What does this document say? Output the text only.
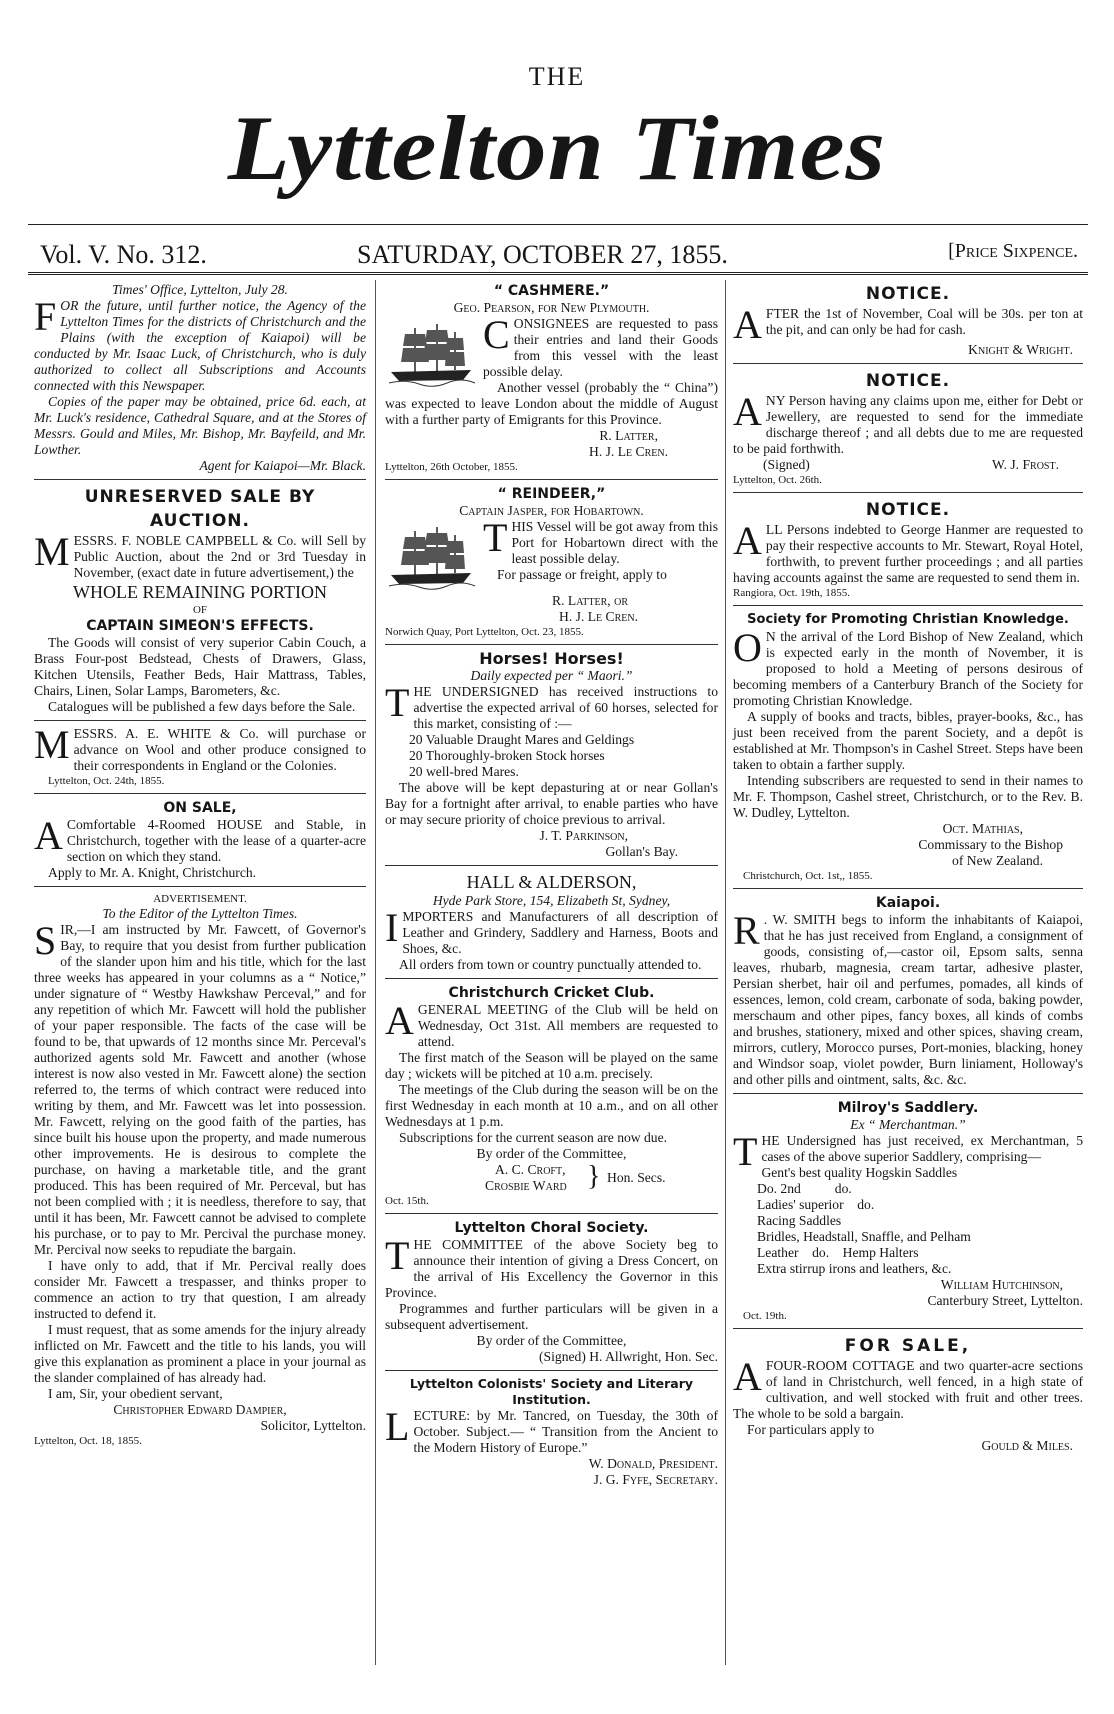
THE
Lyttelton Times
Vol. V. No. 312.	SATURDAY, OCTOBER 27, 1855.	[Price Sixpence.
Times' Office, Lyttelton, July 28.
F OR the future, until further notice, the Agency of the Lyttelton Times for the districts of Christchurch and the Plains (with the exception of Kaiapoi) will be conducted by Mr. Isaac Luck, of Christchurch, who is duly authorized to collect all Subscriptions and Accounts connected with this Newspaper.

Copies of the paper may be obtained, price 6d. each, at Mr. Luck's residence, Cathedral Square, and at the Stores of Messrs. Gould and Miles, Mr. Bishop, Mr. Bayfeild, and Mr. Lowther.

Agent for Kaiapoi—Mr. Black.

UNRESERVED SALE BY AUCTION.
M ESSRS. F. NOBLE CAMPBELL & Co. will Sell by Public Auction, about the 2nd or 3rd Tuesday in November, (exact date in future advertisement,) the
WHOLE REMAINING PORTION
OF
CAPTAIN SIMEON'S EFFECTS.

The Goods will consist of very superior Cabin Couch, a Brass Four-post Bedstead, Chests of Drawers, Glass, Kitchen Utensils, Feather Beds, Hair Mattrass, Tables, Chairs, Linen, Solar Lamps, Barometers, &c.

Catalogues will be published a few days before the Sale.

M ESSRS. A. E. WHITE & Co. will purchase or advance on Wool and other produce consigned to their correspondents in England or the Colonies.
Lyttelton, Oct. 24th, 1855.
ON SALE,
A Comfortable 4-Roomed HOUSE and Stable, in Christchurch, together with the lease of a quarter-acre section on which they stand.

Apply to Mr. A. Knight, Christchurch.

ADVERTISEMENT.
To the Editor of the Lyttelton Times.
S IR,—I am instructed by Mr. Fawcett, of Governor's Bay, to require that you desist from further publication of the slander upon him and his title, which for the last three weeks has appeared in your columns as a “ Notice,” under signature of “ Westby Hawkshaw Perceval,” and for any repetition of which Mr. Fawcett will hold the publisher of your paper responsible. The facts of the case will be found to be, that upwards of 12 months since Mr. Perceval's authorized agents sold Mr. Fawcett and another (whose interest is now also vested in Mr. Fawcett alone) the section referred to, the terms of which contract were reduced into writing by them, and Mr. Fawcett was let into possession. Mr. Fawcett, relying on the good faith of the parties, has since built his house upon the property, and made numerous other improvements. He is desirous to complete the purchase, on having a marketable title, and the grant produced. This has been required of Mr. Perceval, but has not been complied with ; it is needless, therefore to say, that until it has been, Mr. Fawcett cannot be advised to complete his purchase, or to pay to Mr. Percival the purchase money. Mr. Percival now seeks to repudiate the bargain.

I have only to add, that if Mr. Percival really does consider Mr. Fawcett a trespasser, and thinks proper to commence an action to try that question, I am already instructed to defend it.

I must request, that as some amends for the injury already inflicted on Mr. Fawcett and the title to his lands, you will give this explanation as prominent a place in your journal as the slander complained of has already had.

I am, Sir, your obedient servant,

Christopher Edward Dampier,

Solicitor, Lyttelton.

Lyttelton, Oct. 18, 1855.

“ CASHMERE.”
Geo. Pearson, for New Plymouth.
C ONSIGNEES are requested to pass their entries and land their Goods from this vessel with the least possible delay.

Another vessel (probably the “ China”) was expected to leave London about the middle of August with a further party of Emigrants for this Province.

R. Latter,

H. J. Le Cren.

Lyttelton, 26th October, 1855.

“ REINDEER,”
Captain Jasper, for Hobartown.
T HIS Vessel will be got away from this Port for Hobartown direct with the least possible delay.
For passage or freight, apply to

R. Latter, or

H. J. Le Cren.

Norwich Quay, Port Lyttelton, Oct. 23, 1855.

Horses! Horses!
Daily expected per “ Maori.”
T HE UNDERSIGNED has received instructions to advertise the expected arrival of 60 horses, selected for this market, consisting of :—

20 Valuable Draught Mares and Geldings

20 Thoroughly-broken Stock horses

20 well-bred Mares.

The above will be kept depasturing at or near Gollan's Bay for a fortnight after arrival, to enable parties who have or may secure priority of choice previous to arrival.

J. T. Parkinson,

Gollan's Bay.

HALL & ALDERSON,
Hyde Park Store, 154, Elizabeth St, Sydney,
I MPORTERS and Manufacturers of all description of Leather and Grindery, Saddlery and Harness, Boots and Shoes, &c.

All orders from town or country punctually attended to.

Christchurch Cricket Club.
A GENERAL MEETING of the Club will be held on Wednesday, Oct 31st. All members are requested to attend.

The first match of the Season will be played on the same day ; wickets will be pitched at 10 a.m. precisely.

The meetings of the Club during the season will be on the first Wednesday in each month at 10 a.m., and on all other Wednesdays at 1 p.m.

Subscriptions for the current season are now due.

By order of the Committee,

A. C. Croft,
Crosbie Ward } Hon. Secs.

Oct. 15th.

Lyttelton Choral Society.
T HE COMMITTEE of the above Society beg to announce their intention of giving a Dress Concert, on the arrival of His Excellency the Governor in this Province.

Programmes and further particulars will be given in a subsequent advertisement.

By order of the Committee,

(Signed) H. Allwright, Hon. Sec.

Lyttelton Colonists' Society and Literary Institution.
L ECTURE: by Mr. Tancred, on Tuesday, the 30th of October. Subject.— “ Transition from the Ancient to the Modern History of Europe.”

W. Donald, President.

J. G. Fyfe, Secretary.

NOTICE.
A FTER the 1st of November, Coal will be 30s. per ton at the pit, and can only be had for cash.

Knight & Wright.

NOTICE.
A NY Person having any claims upon me, either for Debt or Jewellery, are requested to send for the immediate discharge thereof ; and all debts due to me are requested to be paid forthwith.
(Signed)	W. J. Frost.

Lyttelton, Oct. 26th.

NOTICE.
A LL Persons indebted to George Hanmer are requested to pay their respective accounts to Mr. Stewart, Royal Hotel, forthwith, to prevent further proceedings ; and all parties having accounts against the same are requested to send them in.

Rangiora, Oct. 19th, 1855.

Society for Promoting Christian Knowledge.
O N the arrival of the Lord Bishop of New Zealand, which is expected early in the month of November, it is proposed to hold a Meeting of persons desirous of becoming members of a Canterbury Branch of the Society for promoting Christian Knowledge.

A supply of books and tracts, bibles, prayer-books, &c., has just been received from the parent Society, and a depôt is established at Mr. Thompson's in Cashel Street. Steps have been taken to obtain a farther supply.

Intending subscribers are requested to send in their names to Mr. F. Thompson, Cashel street, Christchurch, or to the Rev. B. W. Dudley, Lyttelton.

Oct. Mathias,

Commissary to the Bishop

of New Zealand.

Christchurch, Oct. 1st,, 1855.

Kaiapoi.
R . W. SMITH begs to inform the inhabitants of Kaiapoi, that he has just received from England, a consignment of goods, consisting of,—castor oil, Epsom salts, senna leaves, rhubarb, magnesia, cream tartar, adhesive plaster, Persian sherbet, hair oil and perfumes, pomades, all kinds of essences, lemon, cold cream, carbonate of soda, baking powder, merschaum and other pipes, fancy boxes, all kinds of combs and brushes, stationery, mixed and other spices, shaving cream, mirrors, cutlery, Morocco purses, Port-monies, blacking, honey and Windsor soap, violet powder, Burn liniament, Holloway's and other pills and ointment, salts, &c. &c.
Milroy's Saddlery.
Ex “ Merchantman.”
T HE Undersigned has just received, ex Merchantman, 5 cases of the above superior Saddlery, comprising—

Gent's best quality Hogskin Saddles

Do. 2nd          do.

Ladies' superior    do.

Racing Saddles

Bridles, Headstall, Snaffle, and Pelham

Leather    do.    Hemp Halters

Extra stirrup irons and leathers, &c.

William Hutchinson,

Canterbury Street, Lyttelton.

Oct. 19th.

FOR SALE,
A FOUR-ROOM COTTAGE and two quarter-acre sections of land in Christchurch, well fenced, in a high state of cultivation, and well stocked with fruit and other trees. The whole to be sold a bargain.

For particulars apply to

Gould & Miles.
